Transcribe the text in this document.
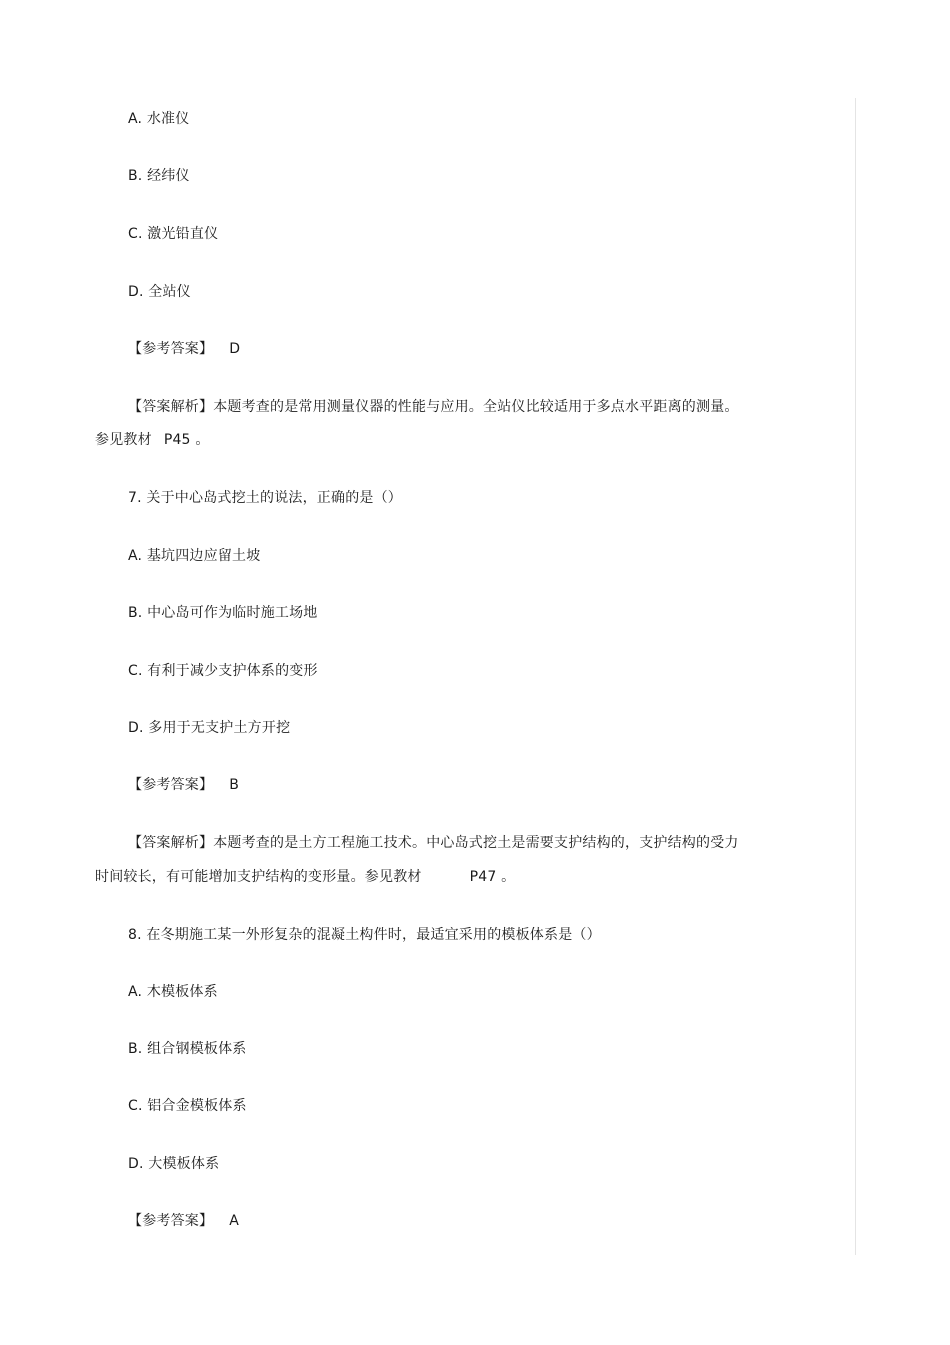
A. 水准仪
B. 经纬仪
C. 激光铅直仪
D. 全站仪
【参考答案】 D
【答案解析】本题考查的是常用测量仪器的性能与应用。全站仪比较适用于多点水平距离的测量。
参见教材 P45 。
7. 关于中心岛式挖土的说法，正确的是（）
A. 基坑四边应留土坡
B. 中心岛可作为临时施工场地
C. 有利于减少支护体系的变形
D. 多用于无支护土方开挖
【参考答案】 B
【答案解析】本题考查的是土方工程施工技术。中心岛式挖土是需要支护结构的，支护结构的受力
时间较长，有可能增加支护结构的变形量。参见教材	P47 。
8. 在冬期施工某一外形复杂的混凝土构件时，最适宜采用的模板体系是（）
A. 木模板体系
B. 组合钢模板体系
C. 铝合金模板体系
D. 大模板体系
【参考答案】 A
